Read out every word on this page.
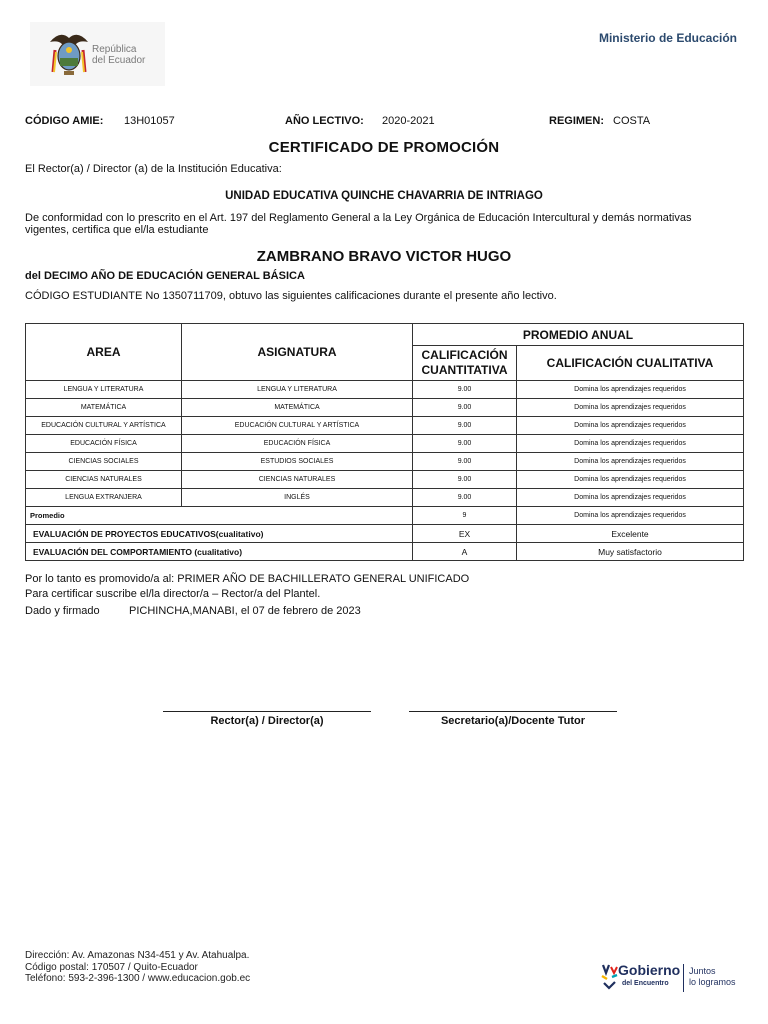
República
del Ecuador
Ministerio de Educación
CÓDIGO AMIE: 13H01057	AÑO LECTIVO: 2020-2021	REGIMEN: COSTA
CERTIFICADO DE PROMOCIÓN
El Rector(a) / Director (a) de la Institución Educativa:
UNIDAD EDUCATIVA QUINCHE CHAVARRIA DE INTRIAGO
De conformidad con lo prescrito en el Art. 197 del Reglamento General a la Ley Orgánica de Educación Intercultural y demás normativas
vigentes, certifica que el/la estudiante
ZAMBRANO BRAVO VICTOR HUGO
del DECIMO AÑO DE EDUCACIÓN GENERAL BÁSICA
CÓDIGO ESTUDIANTE No 1350711709, obtuvo las siguientes calificaciones durante el presente año lectivo.
AREA	ASIGNATURA	PROMEDIO ANUAL	

		CALIFICACIÓN
CUANTITATIVA	CALIFICACIÓN CUALITATIVA
LENGUA Y LITERATURA	LENGUA Y LITERATURA	9.00	Domina los aprendizajes requeridos
MATEMÁTICA	MATEMÁTICA	9.00	Domina los aprendizajes requeridos
EDUCACIÓN CULTURAL Y ARTÍSTICA	EDUCACIÓN CULTURAL Y ARTÍSTICA	9.00	Domina los aprendizajes requeridos
EDUCACIÓN FÍSICA	EDUCACIÓN FÍSICA	9.00	Domina los aprendizajes requeridos
CIENCIAS SOCIALES	ESTUDIOS SOCIALES	9.00	Domina los aprendizajes requeridos
CIENCIAS NATURALES	CIENCIAS NATURALES	9.00	Domina los aprendizajes requeridos
LENGUA EXTRANJERA	INGLÉS	9.00	Domina los aprendizajes requeridos
Promedio		9	Domina los aprendizajes requeridos
EVALUACIÓN DE PROYECTOS EDUCATIVOS(cualitativo)		EX	Excelente
EVALUACIÓN DEL COMPORTAMIENTO (cualitativo)		A	Muy satisfactorio
Por lo tanto es promovido/a al: PRIMER AÑO DE BACHILLERATO GENERAL UNIFICADO
Para certificar suscribe el/la director/a – Rector/a del Plantel.
Dado y firmado	PICHINCHA,MANABI, el 07 de febrero de 2023
Rector(a) / Director(a)	Secretario(a)/Docente Tutor
Dirección: Av. Amazonas N34-451 y Av. Atahualpa.
Código postal: 170507 / Quito-Ecuador
Teléfono: 593-2-396-1300 / www.educacion.gob.ec
Gobierno
del Encuentro
Juntos
lo logramos
